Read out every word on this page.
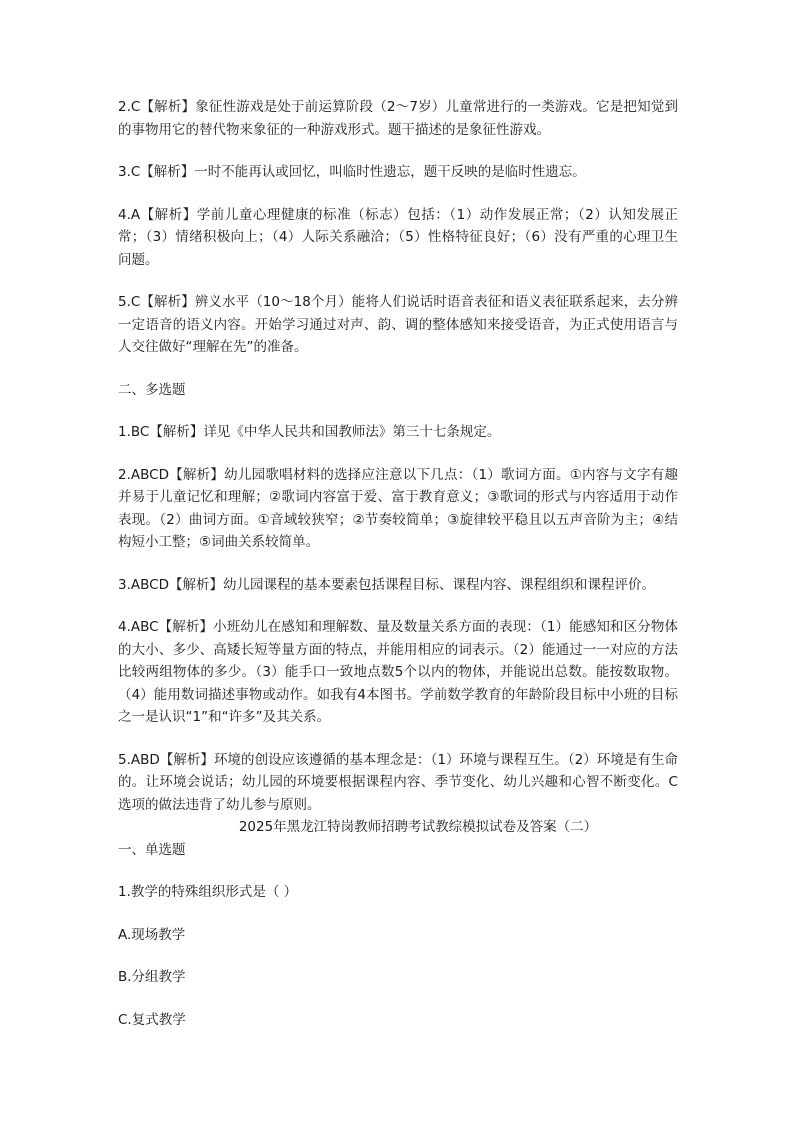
2.C【解析】象征性游戏是处于前运算阶段（2～7岁）儿童常进行的一类游戏。它是把知觉到的事物用它的替代物来象征的一种游戏形式。题干描述的是象征性游戏。

3.C【解析】一时不能再认或回忆，叫临时性遗忘，题干反映的是临时性遗忘。

4.A【解析】学前儿童心理健康的标准（标志）包括：（1）动作发展正常；（2）认知发展正常；（3）情绪积极向上；（4）人际关系融洽；（5）性格特征良好；（6）没有严重的心理卫生问题。

5.C【解析】辨义水平（10～18个月）能将人们说话时语音表征和语义表征联系起来，去分辨一定语音的语义内容。开始学习通过对声、韵、调的整体感知来接受语音，为正式使用语言与人交往做好“理解在先”的准备。

二、多选题

1.BC【解析】详见《中华人民共和国教师法》第三十七条规定。

2.ABCD【解析】幼儿园歌唱材料的选择应注意以下几点：（1）歌词方面。①内容与文字有趣并易于儿童记忆和理解；②歌词内容富于爱、富于教育意义；③歌词的形式与内容适用于动作表现。（2）曲词方面。①音域较狭窄；②节奏较简单；③旋律较平稳且以五声音阶为主；④结构短小工整；⑤词曲关系较简单。

3.ABCD【解析】幼儿园课程的基本要素包括课程目标、课程内容、课程组织和课程评价。

4.ABC【解析】小班幼儿在感知和理解数、量及数量关系方面的表现：（1）能感知和区分物体的大小、多少、高矮长短等量方面的特点，并能用相应的词表示。（2）能通过一一对应的方法比较两组物体的多少。（3）能手口一致地点数5个以内的物体，并能说出总数。能按数取物。（4）能用数词描述事物或动作。如我有4本图书。学前数学教育的年龄阶段目标中小班的目标之一是认识“1”和“许多”及其关系。

5.ABD【解析】环境的创设应该遵循的基本理念是：（1）环境与课程互生。（2）环境是有生命的。让环境会说话；幼儿园的环境要根据课程内容、季节变化、幼儿兴趣和心智不断变化。C选项的做法违背了幼儿参与原则。

2025年黑龙江特岗教师招聘考试教综模拟试卷及答案（二）

一、单选题

1.教学的特殊组织形式是（ ）

A.现场教学

B.分组教学

C.复式教学
